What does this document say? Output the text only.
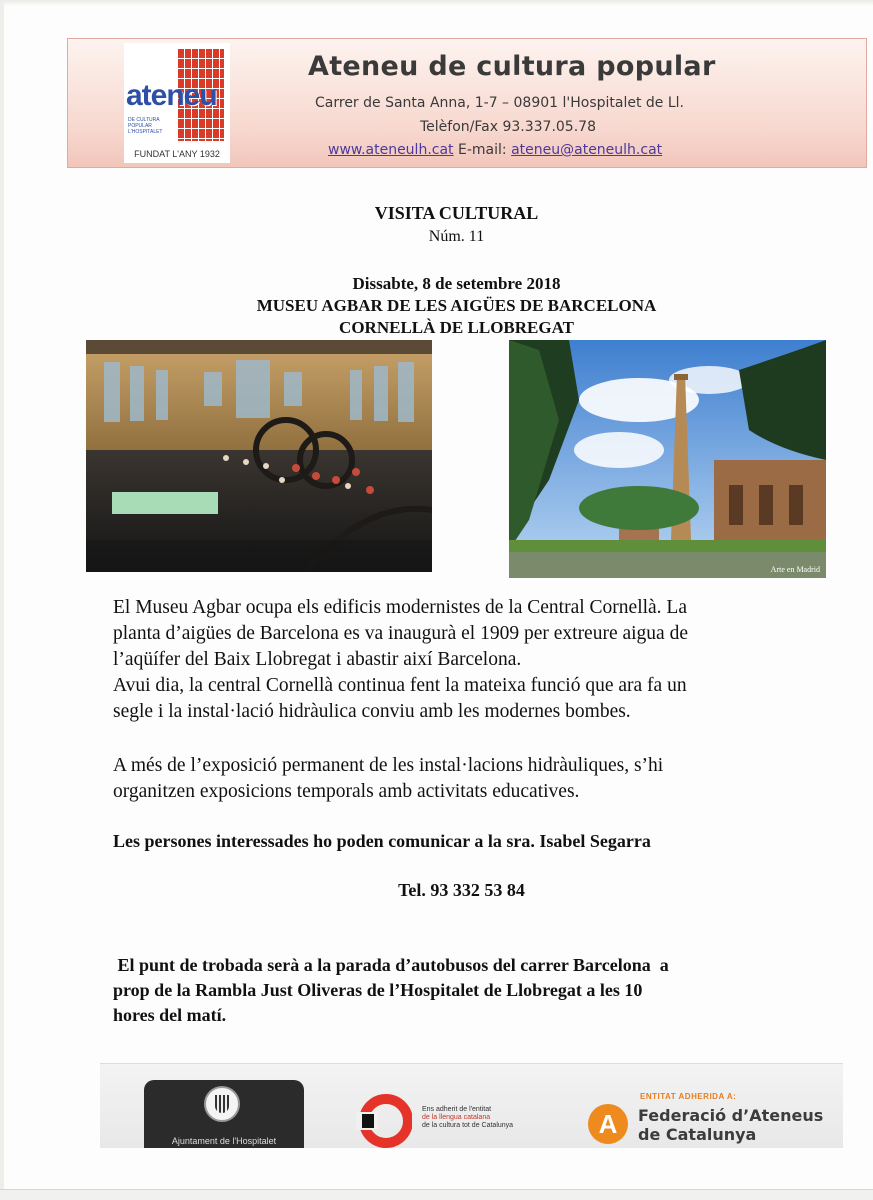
ateneu
DE CULTURA POPULAR L'HOSPITALET
FUNDAT L'ANY 1932
Ateneu de cultura popular
Carrer de Santa Anna, 1-7 – 08901 l'Hospitalet de Ll.
Telèfon/Fax 93.337.05.78
www.ateneulh.cat E-mail: ateneu@ateneulh.cat
VISITA CULTURAL
Núm. 11
Dissabte, 8 de setembre 2018
MUSEU AGBAR DE LES AIGÜES DE BARCELONA
CORNELLÀ DE LLOBREGAT
Arte en Madrid
El Museu Agbar ocupa els edificis modernistes de la Central Cornellà. La
planta d’aigües de Barcelona es va inaugurà el 1909 per extreure aigua de
l’aqüífer del Baix Llobregat i abastir així Barcelona.
Avui dia, la central Cornellà continua fent la mateixa funció que ara fa un
segle i la instal·lació hidràulica conviu amb les modernes bombes.
A més de l’exposició permanent de les instal·lacions hidràuliques, s’hi
organitzen exposicions temporals amb activitats educatives.
Les persones interessades ho poden comunicar a la sra. Isabel Segarra
Tel. 93 332 53 84
El punt de trobada serà a la parada d’autobusos del carrer Barcelona  a
prop de la Rambla Just Oliveras de l’Hospitalet de Llobregat a les 10
hores del matí.
Ajuntament de l'Hospitalet
Ens adherit de l'entitat
de la llengua catalana
de la cultura tot de Catalunya
ENTITAT ADHERIDA A:
A	Federació d’Ateneus
de Catalunya
